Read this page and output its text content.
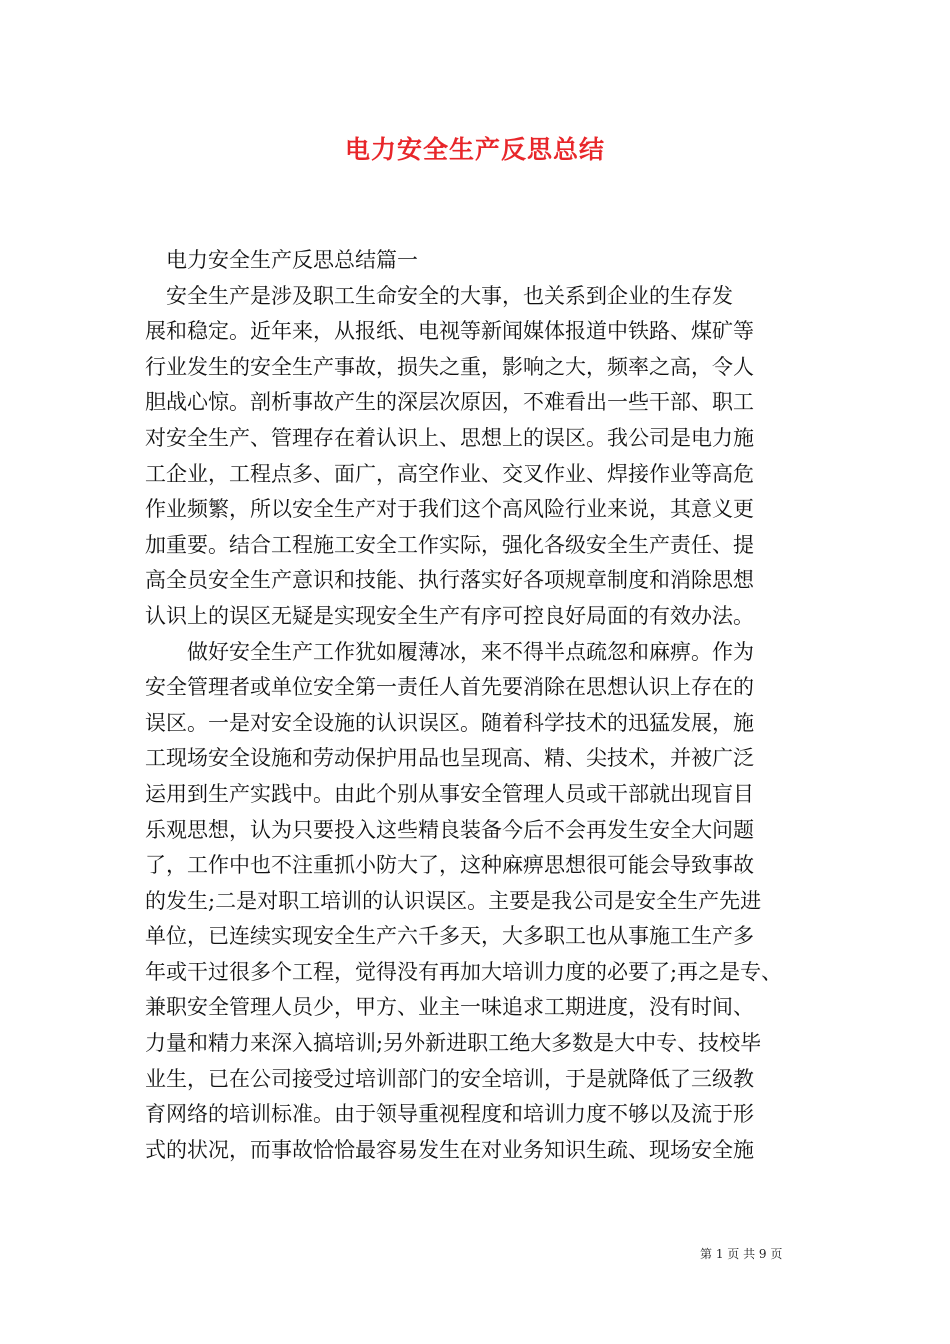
电力安全生产反思总结
　电力安全生产反思总结篇一
　安全生产是涉及职工生命安全的大事，也关系到企业的生存发
展和稳定。近年来，从报纸、电视等新闻媒体报道中铁路、煤矿等
行业发生的安全生产事故，损失之重，影响之大，频率之高，令人
胆战心惊。剖析事故产生的深层次原因，不难看出一些干部、职工
对安全生产、管理存在着认识上、思想上的误区。我公司是电力施
工企业，工程点多、面广，高空作业、交叉作业、焊接作业等高危
作业频繁，所以安全生产对于我们这个高风险行业来说，其意义更
加重要。结合工程施工安全工作实际，强化各级安全生产责任、提
高全员安全生产意识和技能、执行落实好各项规章制度和消除思想
认识上的误区无疑是实现安全生产有序可控良好局面的有效办法。
　　做好安全生产工作犹如履薄冰，来不得半点疏忽和麻痹。作为
安全管理者或单位安全第一责任人首先要消除在思想认识上存在的
误区。一是对安全设施的认识误区。随着科学技术的迅猛发展，施
工现场安全设施和劳动保护用品也呈现高、精、尖技术，并被广泛
运用到生产实践中。由此个别从事安全管理人员或干部就出现盲目
乐观思想，认为只要投入这些精良装备今后不会再发生安全大问题
了，工作中也不注重抓小防大了，这种麻痹思想很可能会导致事故
的发生;二是对职工培训的认识误区。主要是我公司是安全生产先进
单位，已连续实现安全生产六千多天，大多职工也从事施工生产多
年或干过很多个工程，觉得没有再加大培训力度的必要了;再之是专、
兼职安全管理人员少，甲方、业主一味追求工期进度，没有时间、
力量和精力来深入搞培训;另外新进职工绝大多数是大中专、技校毕
业生，已在公司接受过培训部门的安全培训，于是就降低了三级教
育网络的培训标准。由于领导重视程度和培训力度不够以及流于形
式的状况，而事故恰恰最容易发生在对业务知识生疏、现场安全施
第 1 页 共 9 页
